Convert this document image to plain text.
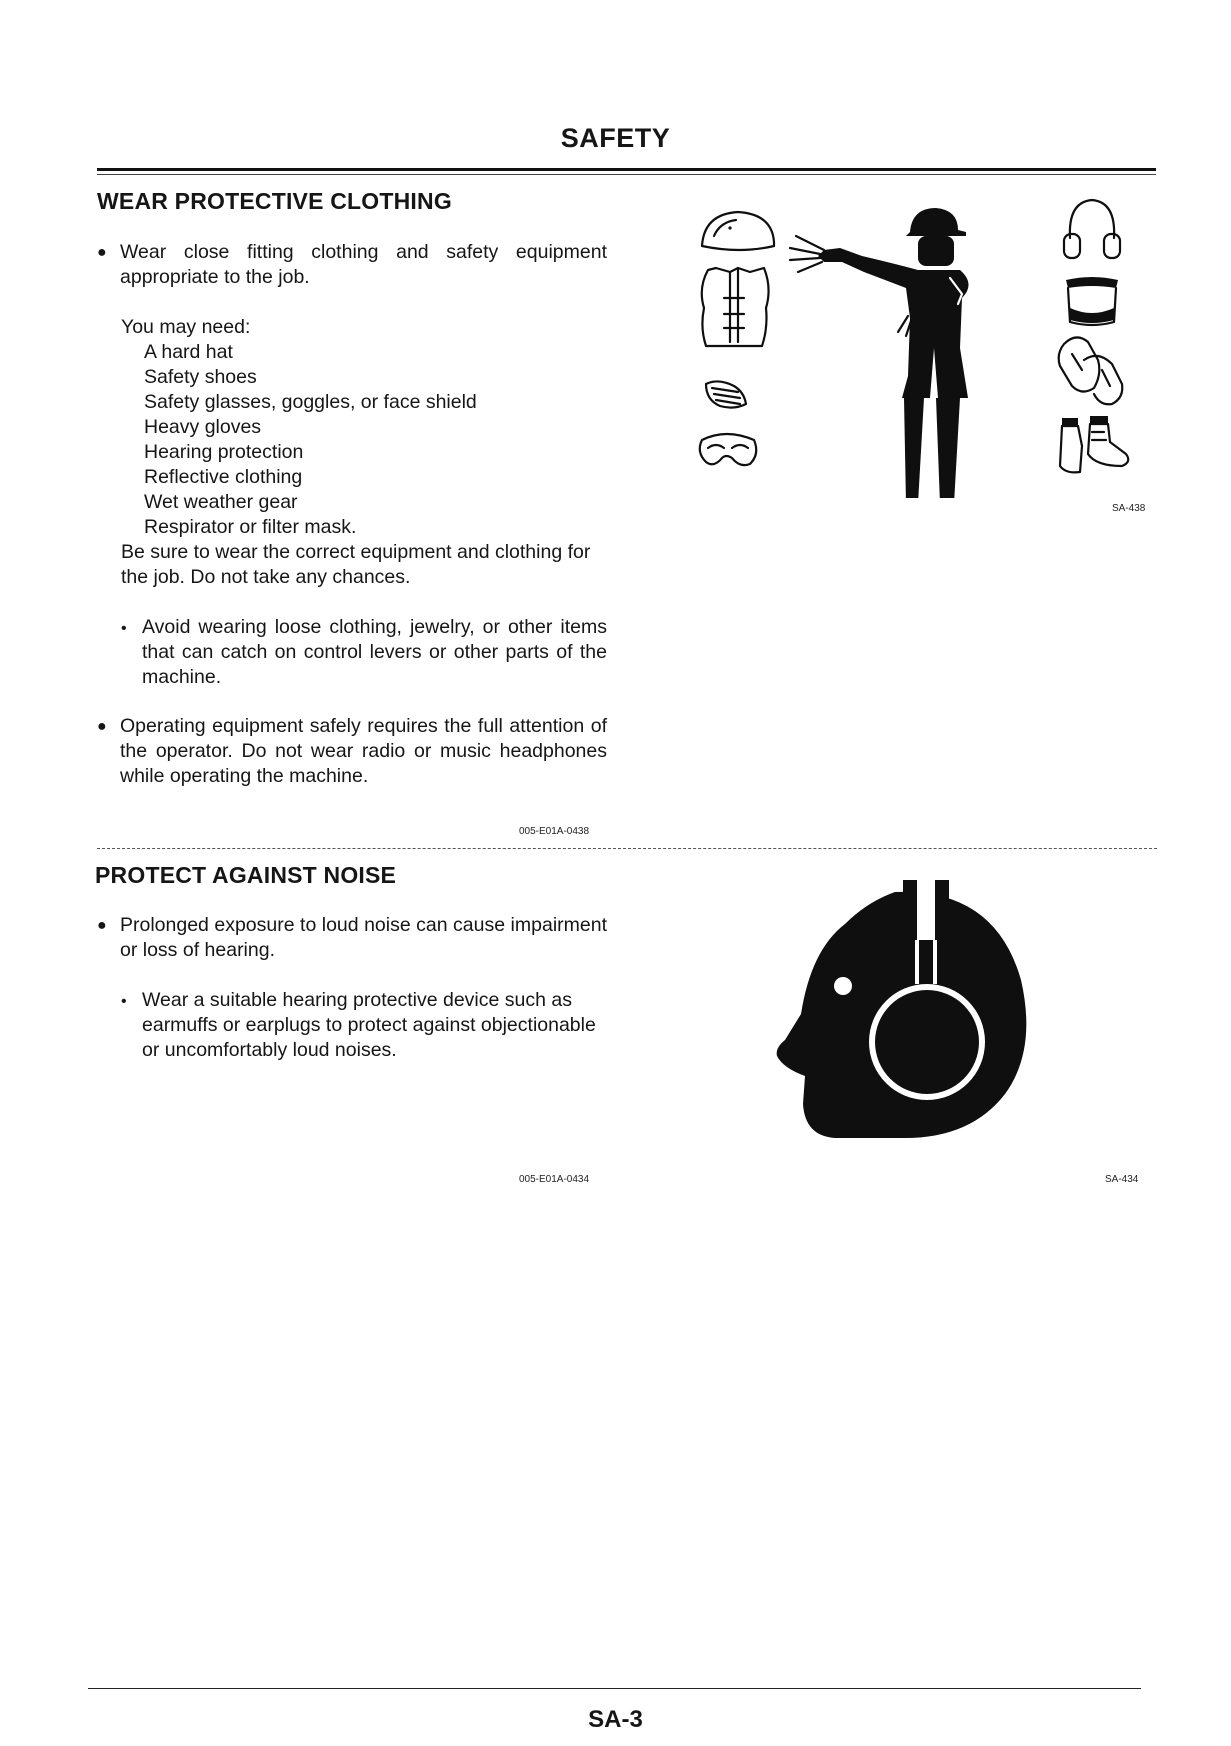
SAFETY
WEAR PROTECTIVE CLOTHING
● Wear close fitting clothing and safety equipment appropriate to the job.
You may need:
A hard hat
Safety shoes
Safety glasses, goggles, or face shield
Heavy gloves
Hearing protection
Reflective clothing
Wet weather gear
Respirator or filter mask.
Be sure to wear the correct equipment and clothing for the job. Do not take any chances.
• Avoid wearing loose clothing, jewelry, or other items that can catch on control levers or other parts of the machine.
● Operating equipment safely requires the full attention of the operator. Do not wear radio or music headphones while operating the machine.
005-E01A-0438
SA-438
PROTECT AGAINST NOISE
● Prolonged exposure to loud noise can cause impairment or loss of hearing.
• Wear a suitable hearing protective device such as earmuffs or earplugs to protect against objectionable or uncomfortably loud noises.
005-E01A-0434	SA-434
SA-3
